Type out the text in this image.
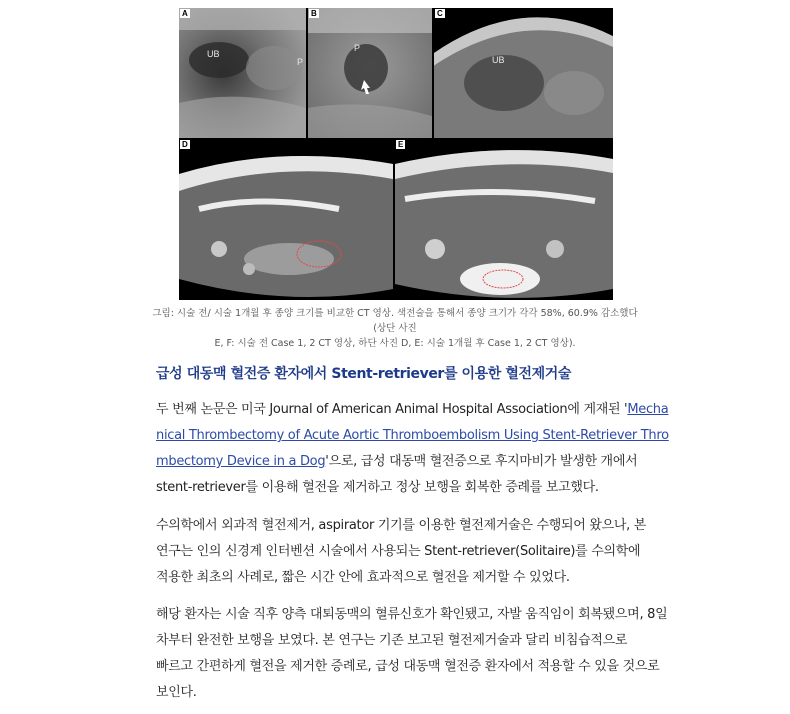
A
UB
P
B
P
C
UB
D	E
그림: 시술 전/ 시술 1개월 후 종양 크기를 비교한 CT 영상. 색전술을 통해서 종양 크기가 각각 58%, 60.9% 감소했다(상단 사진
E, F: 시술 전 Case 1, 2 CT 영상, 하단 사진 D, E: 시술 1개월 후 Case 1, 2 CT 영상).
급성 대동맥 혈전증 환자에서 Stent-retriever를 이용한 혈전제거술
두 번째 논문은 미국 Journal of American Animal Hospital Association에 게재된 'Mecha
nical Thrombectomy of Acute Aortic Thromboembolism Using Stent-Retriever Thro
mbectomy Device in a Dog'으로, 급성 대동맥 혈전증으로 후지마비가 발생한 개에서
stent-retriever를 이용해 혈전을 제거하고 정상 보행을 회복한 증례를 보고했다.
수의학에서 외과적 혈전제거, aspirator 기기를 이용한 혈전제거술은 수행되어 왔으나, 본
연구는 인의 신경계 인터벤션 시술에서 사용되는 Stent-retriever(Solitaire)를 수의학에
적용한 최초의 사례로, 짧은 시간 안에 효과적으로 혈전을 제거할 수 있었다.
해당 환자는 시술 직후 양측 대퇴동맥의 혈류신호가 확인됐고, 자발 움직임이 회복됐으며, 8일
차부터 완전한 보행을 보였다. 본 연구는 기존 보고된 혈전제거술과 달리 비침습적으로
빠르고 간편하게 혈전을 제거한 증례로, 급성 대동맥 혈전증 환자에서 적용할 수 있을 것으로
보인다.
